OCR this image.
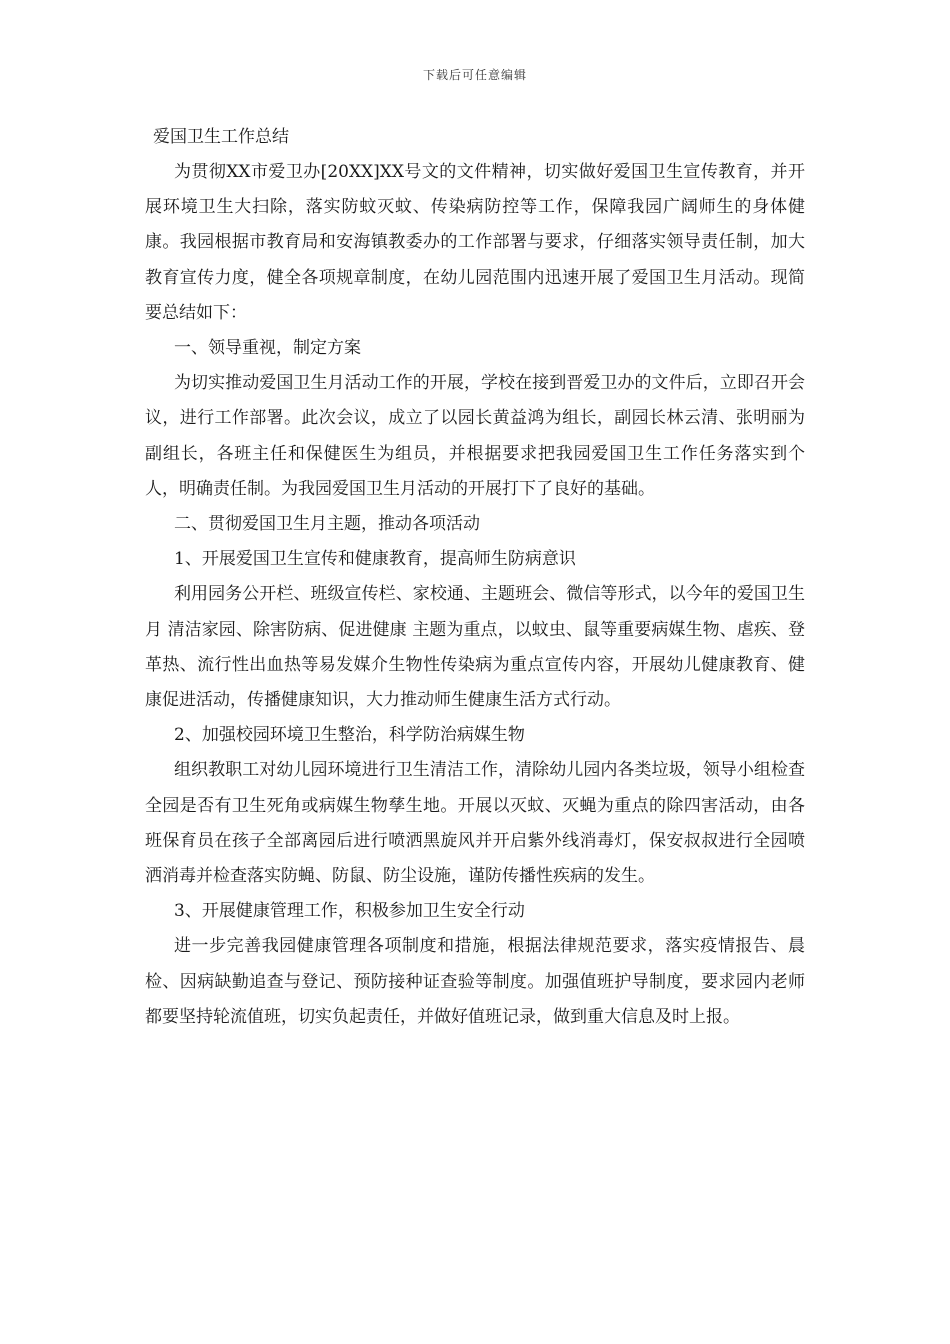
下载后可任意编辑

爱国卫生工作总结

为贯彻XX市爱卫办[20XX]XX号文的文件精神，切实做好爱国卫生宣传教育，并开展环境卫生大扫除，落实防蚊灭蚊、传染病防控等工作，保障我园广阔师生的身体健康。我园根据市教育局和安海镇教委办的工作部署与要求，仔细落实领导责任制，加大教育宣传力度，健全各项规章制度，在幼儿园范围内迅速开展了爱国卫生月活动。现简要总结如下：

一、领导重视，制定方案

为切实推动爱国卫生月活动工作的开展，学校在接到晋爱卫办的文件后，立即召开会议，进行工作部署。此次会议，成立了以园长黄益鸿为组长，副园长林云清、张明丽为副组长，各班主任和保健医生为组员，并根据要求把我园爱国卫生工作任务落实到个人，明确责任制。为我园爱国卫生月活动的开展打下了良好的基础。

二、贯彻爱国卫生月主题，推动各项活动

1、开展爱国卫生宣传和健康教育，提高师生防病意识

利用园务公开栏、班级宣传栏、家校通、主题班会、微信等形式，以今年的爱国卫生月 清洁家园、除害防病、促进健康 主题为重点，以蚊虫、鼠等重要病媒生物、虐疾、登革热、流行性出血热等易发媒介生物性传染病为重点宣传内容，开展幼儿健康教育、健康促进活动，传播健康知识，大力推动师生健康生活方式行动。

2、加强校园环境卫生整治，科学防治病媒生物

组织教职工对幼儿园环境进行卫生清洁工作，清除幼儿园内各类垃圾，领导小组检查全园是否有卫生死角或病媒生物孳生地。开展以灭蚊、灭蝇为重点的除四害活动，由各班保育员在孩子全部离园后进行喷洒黑旋风并开启紫外线消毒灯，保安叔叔进行全园喷洒消毒并检查落实防蝇、防鼠、防尘设施，谨防传播性疾病的发生。

3、开展健康管理工作，积极参加卫生安全行动

进一步完善我园健康管理各项制度和措施，根据法律规范要求，落实疫情报告、晨检、因病缺勤追查与登记、预防接种证查验等制度。加强值班护导制度，要求园内老师都要坚持轮流值班，切实负起责任，并做好值班记录，做到重大信息及时上报。
